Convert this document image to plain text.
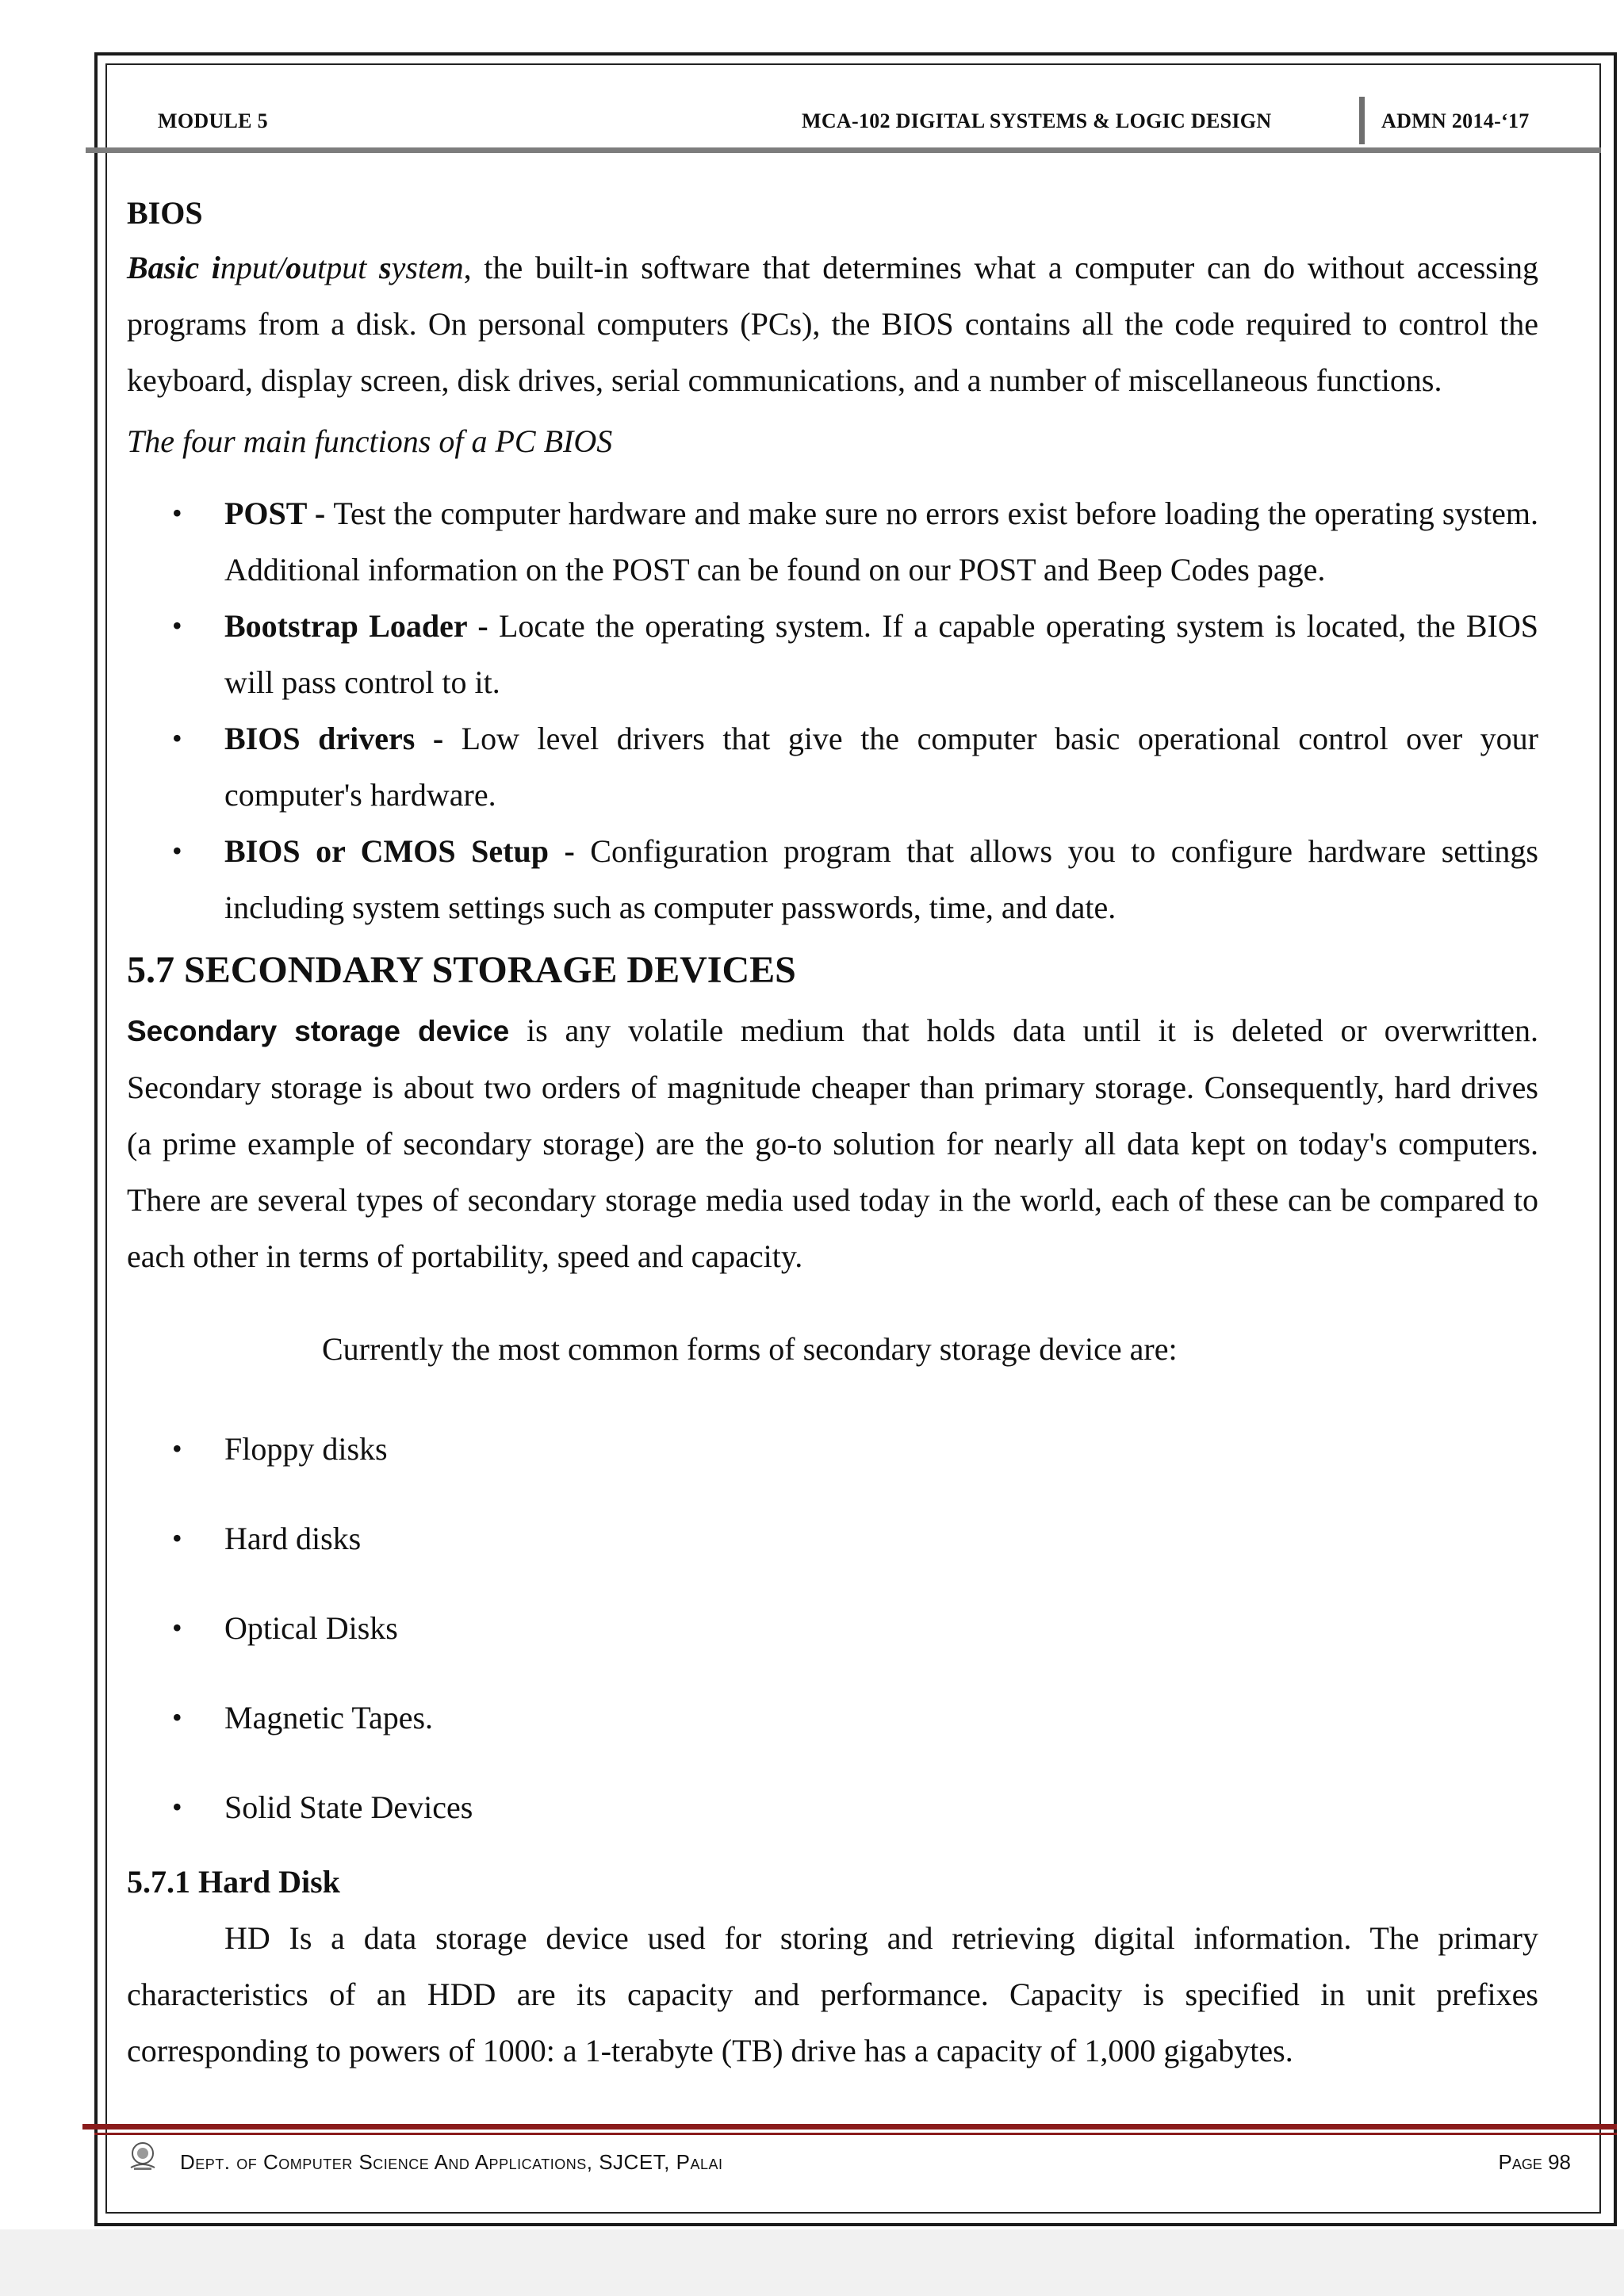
MODULE 5	MCA-102 DIGITAL SYSTEMS & LOGIC DESIGN	ADMN 2014-‘17

BIOS

Basic input/output system, the built-in software that determines what a computer can do without accessing programs from a disk. On personal computers (PCs), the BIOS contains all the code required to control the keyboard, display screen, disk drives, serial communications, and a number of miscellaneous functions.

The four main functions of a PC BIOS

• POST - Test the computer hardware and make sure no errors exist before loading the operating system. Additional information on the POST can be found on our POST and Beep Codes page.
• Bootstrap Loader - Locate the operating system. If a capable operating system is located, the BIOS will pass control to it.
• BIOS drivers - Low level drivers that give the computer basic operational control over your computer's hardware.
• BIOS or CMOS Setup - Configuration program that allows you to configure hardware settings including system settings such as computer passwords, time, and date.

5.7 SECONDARY STORAGE DEVICES

Secondary storage device is any volatile medium that holds data until it is deleted or overwritten. Secondary storage is about two orders of magnitude cheaper than primary storage. Consequently, hard drives (a prime example of secondary storage) are the go-to solution for nearly all data kept on today's computers. There are several types of secondary storage media used today in the world, each of these can be compared to each other in terms of portability, speed and capacity.

Currently the most common forms of secondary storage device are:

• Floppy disks
• Hard disks
• Optical Disks
• Magnetic Tapes.
• Solid State Devices

5.7.1 Hard Disk

HD Is a data storage device used for storing and retrieving digital information. The primary characteristics of an HDD are its capacity and performance. Capacity is specified in unit prefixes corresponding to powers of 1000: a 1-terabyte (TB) drive has a capacity of 1,000 gigabytes.

Dept. of Computer Science And Applications, SJCET, Palai	Page 98
